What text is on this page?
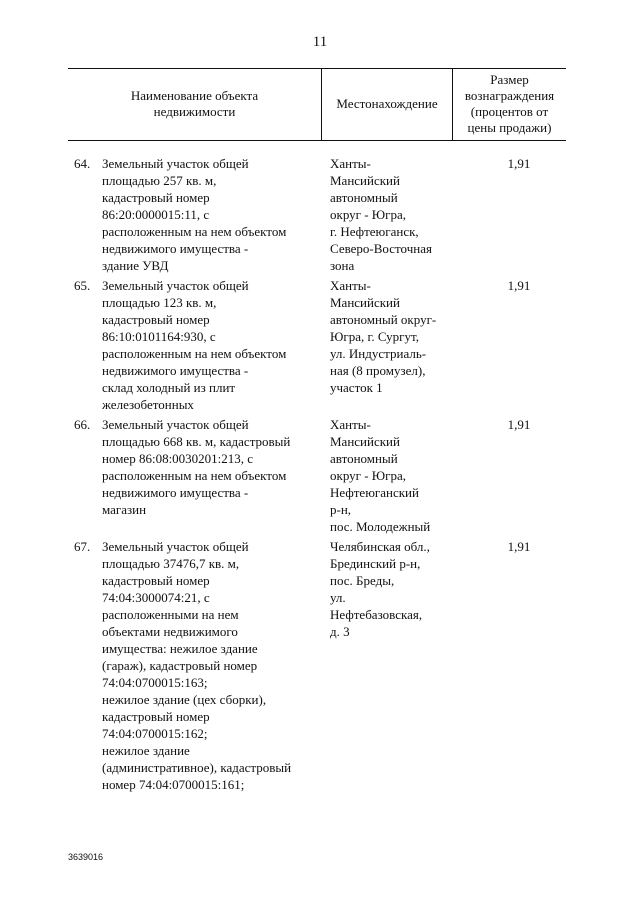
11
Наименование объекта
недвижимости
Местонахождение
Размер
вознаграждения
(процентов от
цены продажи)
64. Земельный участок общей
площадью 257 кв. м,
кадастровый номер
86:20:0000015:11, с
расположенным на нем объектом
недвижимого имущества -
здание УВД
Ханты-
Мансийский
автономный
округ - Югра,
г. Нефтеюганск,
Северо-Восточная
зона
1,91
65. Земельный участок общей
площадью 123 кв. м,
кадастровый номер
86:10:0101164:930, с
расположенным на нем объектом
недвижимого имущества -
склад холодный из плит
железобетонных
Ханты-
Мансийский
автономный округ-
Югра, г. Сургут,
ул. Индустриаль-
ная (8 промузел),
участок 1
1,91
66. Земельный участок общей
площадью 668 кв. м, кадастровый
номер 86:08:0030201:213, с
расположенным на нем объектом
недвижимого имущества -
магазин
Ханты-
Мансийский
автономный
округ - Югра,
Нефтеюганский
р-н,
пос. Молодежный
1,91
67. Земельный участок общей
площадью 37476,7 кв. м,
кадастровый номер
74:04:3000074:21, с
расположенными на нем
объектами недвижимого
имущества: нежилое здание
(гараж), кадастровый номер
74:04:0700015:163;
нежилое здание (цех сборки),
кадастровый номер
74:04:0700015:162;
нежилое здание
(административное), кадастровый
номер 74:04:0700015:161;
Челябинская обл.,
Брединский р-н,
пос. Бреды,
ул.
Нефтебазовская,
д. 3
1,91
3639016
